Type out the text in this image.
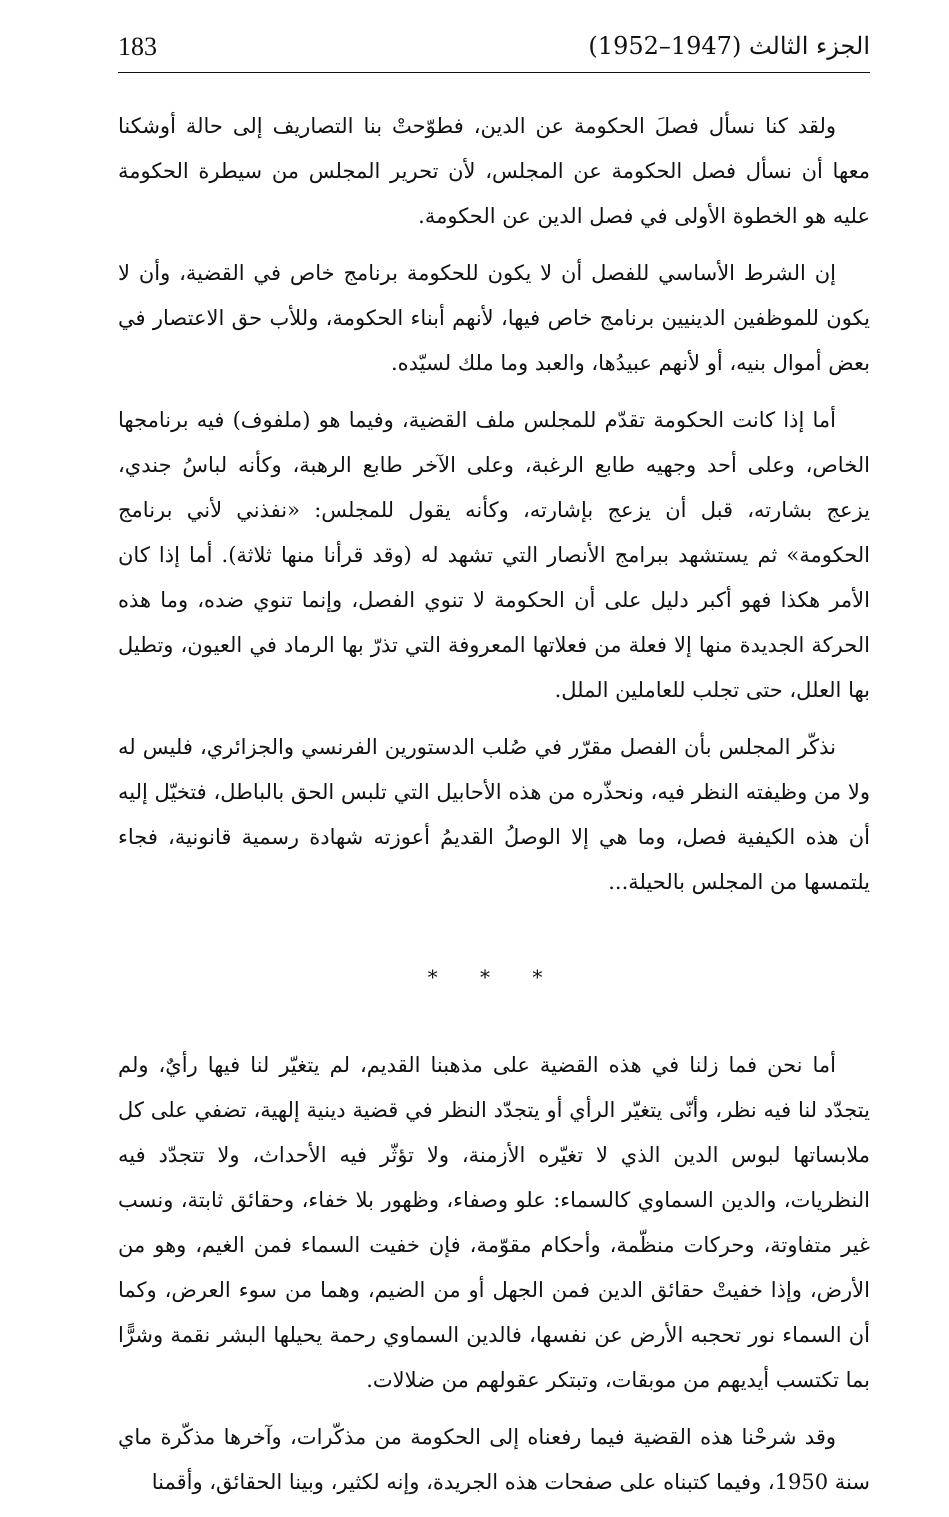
183	الجزء الثالث (1947–1952)

ولقد كنا نسأل فصلَ الحكومة عن الدين، فطوّحتْ بنا التصاريف إلى حالة أوشكنا معها أن نسأل فصل الحكومة عن المجلس، لأن تحرير المجلس من سيطرة الحكومة عليه هو الخطوة الأولى في فصل الدين عن الحكومة.

إن الشرط الأساسي للفصل أن لا يكون للحكومة برنامج خاص في القضية، وأن لا يكون للموظفين الدينيين برنامج خاص فيها، لأنهم أبناء الحكومة، وللأب حق الاعتصار في بعض أموال بنيه، أو لأنهم عبيدُها، والعبد وما ملك لسيّده.

أما إذا كانت الحكومة تقدّم للمجلس ملف القضية، وفيما هو (ملفوف) فيه برنامجها الخاص، وعلى أحد وجهيه طابع الرغبة، وعلى الآخر طابع الرهبة، وكأنه لباسُ جندي، يزعج بشارته، قبل أن يزعج بإشارته، وكأنه يقول للمجلس: «نفذني لأني برنامج الحكومة» ثم يستشهد ببرامج الأنصار التي تشهد له (وقد قرأنا منها ثلاثة). أما إذا كان الأمر هكذا فهو أكبر دليل على أن الحكومة لا تنوي الفصل، وإنما تنوي ضده، وما هذه الحركة الجديدة منها إلا فعلة من فعلاتها المعروفة التي تذرّ بها الرماد في العيون، وتطيل بها العلل، حتى تجلب للعاملين الملل.

نذكّر المجلس بأن الفصل مقرّر في صُلب الدستورين الفرنسي والجزائري، فليس له ولا من وظيفته النظر فيه، ونحذّره من هذه الأحابيل التي تلبس الحق بالباطل، فتخيّل إليه أن هذه الكيفية فصل، وما هي إلا الوصلُ القديمُ أعوزته شهادة رسمية قانونية، فجاء يلتمسها من المجلس بالحيلة...

* * *

أما نحن فما زلنا في هذه القضية على مذهبنا القديم، لم يتغيّر لنا فيها رأيٌ، ولم يتجدّد لنا فيه نظر، وأنّى يتغيّر الرأي أو يتجدّد النظر في قضية دينية إلهية، تضفي على كل ملابساتها لبوس الدين الذي لا تغيّره الأزمنة، ولا تؤثّر فيه الأحداث، ولا تتجدّد فيه النظريات، والدين السماوي كالسماء: علو وصفاء، وظهور بلا خفاء، وحقائق ثابتة، ونسب غير متفاوتة، وحركات منظّمة، وأحكام مقوّمة، فإن خفيت السماء فمن الغيم، وهو من الأرض، وإذا خفيتْ حقائق الدين فمن الجهل أو من الضيم، وهما من سوء العرض، وكما أن السماء نور تحجبه الأرض عن نفسها، فالدين السماوي رحمة يحيلها البشر نقمة وشرًّا بما تكتسب أيديهم من موبقات، وتبتكر عقولهم من ضلالات.

وقد شرحْنا هذه القضية فيما رفعناه إلى الحكومة من مذكّرات، وآخرها مذكّرة ماي سنة 1950، وفيما كتبناه على صفحات هذه الجريدة، وإنه لكثير، وبينا الحقائق، وأقمنا
